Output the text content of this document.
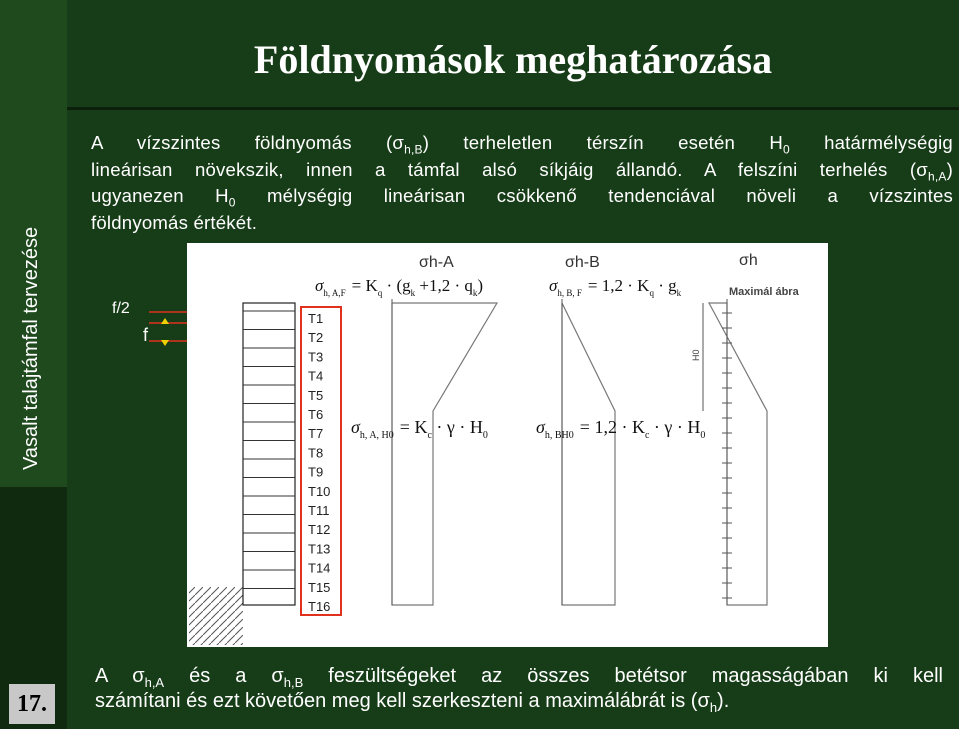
Vasalt talajtámfal tervezése
17.
Földnyomások meghatározása
A vízszintes földnyomás $(\sigma_{h,B})$ terheletlen térszín esetén $H_0$ határmélységig
lineárisan növekszik, innen a támfal alsó síkjáig állandó. A felszíni terhelés $(\sigma_{h,A})$
ugyanezen $H_0$ mélységig lineárisan csökkenő tendenciával növeli a vízszintes
földnyomás értékét.
f/2
f
T1
T2
T3
T4
T5
T6
T7
T8
T9
T10
T11
T12
T13
T14
T15
T16
σh-A	σh-B	σh
Maximál ábra
H0
$\sigma_{h, A,F} = K_q \cdot (g_k +1,2 \cdot q_k)$	$\sigma_{h, B, F} = 1,2 \cdot K_q \cdot g_k$
$\sigma_{h, A, H0} = K_c \cdot \gamma \cdot H_0$	$\sigma_{h, BH0} = 1,2 \cdot K_c \cdot \gamma \cdot H_0$
A $\sigma_{h,A}$ és a $\sigma_{h,B}$ feszültségeket az összes betétsor magasságában ki kell
számítani és ezt követően meg kell szerkeszteni a maximálábrát is $(\sigma_h)$.
